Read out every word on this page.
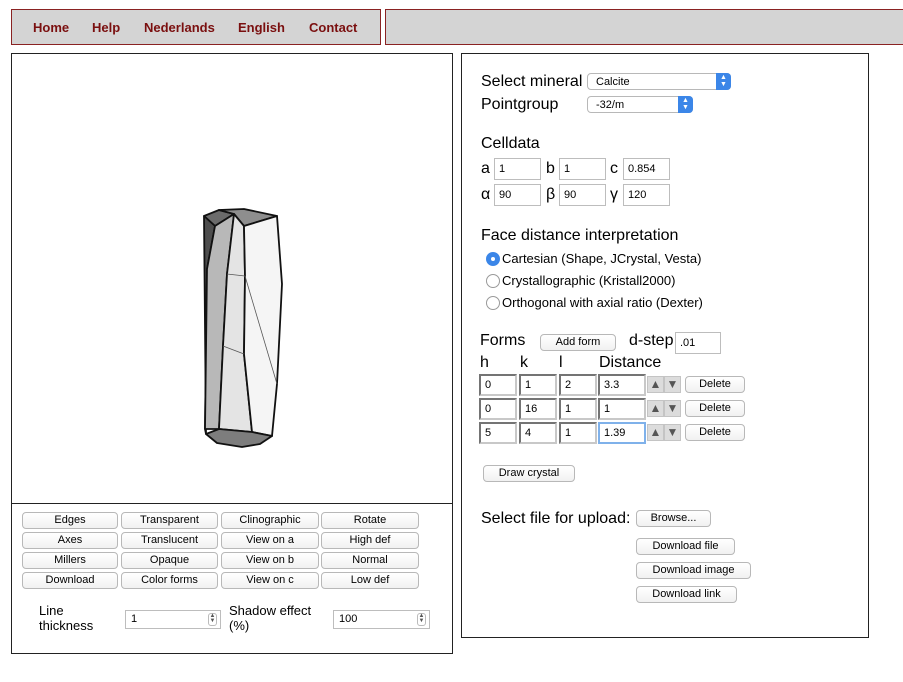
Home Help Nederlands English Contact
Edges	Transparent	Clinographic	Rotate
Axes	Translucent	View on a	High def
Millers	Opaque	View on b	Normal
Download	Color forms	View on c	Low def
Line
thickness	1	▲
▼
Shadow effect
(%)	100	▲
▼
Select mineral	Calcite	▲
▼
Pointgroup	-32/m	▲
▼
Celldata
a 1	b 1	c 0.854
α 90	β 90	γ 120
Face distance interpretation
Cartesian (Shape, JCrystal, Vesta)
Crystallographic (Kristall2000)
Orthogonal with axial ratio (Dexter)
Forms	Add form	d-step .01
h k l Distance
0	1	2	3.3	▲ ▼	Delete
0	16	1	1	▲ ▼	Delete
5	4	1	1.39	▲ ▼	Delete
Draw crystal
Select file for upload:	Browse...
Download file
Download image
Download link
